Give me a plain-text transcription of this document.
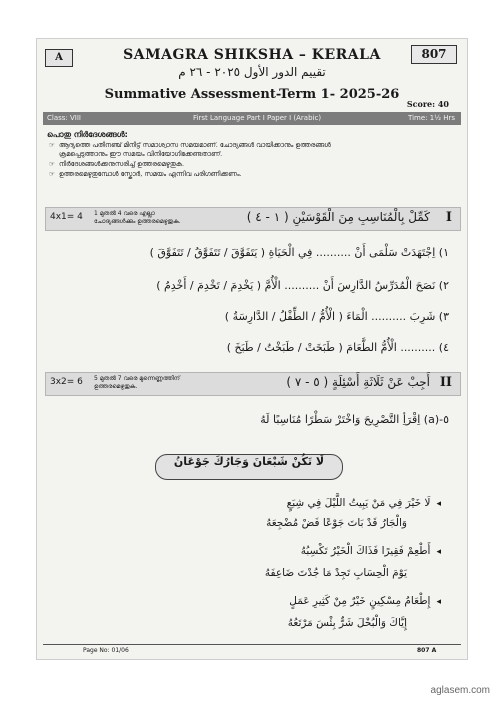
A	807
SAMAGRA SHIKSHA – KERALA
تقييم الدور الأول ٢٠٢٥ - ٢٦ م
Summative Assessment-Term 1- 2025-26
Score: 40
Class: VIII	First Language Part I Paper I (Arabic)	Time: 1½ Hrs
പൊതു നിർദേശങ്ങൾ:
☞ ആദ്യത്തെ പതിനഞ്ച് മിനിട്ട് സമാശ്വാസ സമയമാണ്. ചോദ്യങ്ങൾ വായിക്കാനും ഉത്തരങ്ങൾ
ക്രമപ്പെടുത്താനും ഈ സമയം വിനിയോഗിക്കേണ്ടതാണ്.
☞ നിർദേശങ്ങൾക്കനുസരിച്ച് ഉത്തരമെഴുതുക.
☞ ഉത്തരമെഴുതുമ്പോൾ സ്കോർ, സമയം എന്നിവ പരിഗണിക്കണം.
4x1= 4 1 മുതൽ 4 വരെ എല്ലാ
ചോദ്യങ്ങൾക്കും ഉത്തരമെഴുതുക.	كَمِّلْ بِالْمُنَاسِبِ مِنَ الْقَوْسَيْنِ ( ١ - ٤ ) I
١) اِجْتَهَدَتْ سَلْمَى أَنْ .......... فِي الْحَيَاةِ ( يَتَفَوَّقَ / تَتَفَوَّقُ / تَتَفَوَّقَ )
٢) نَصَحَ الْمُدَرِّسُ الدَّارِسَ أَنْ .......... الْأُمَّ ( يَخْدِمَ / تَخْدِمَ / أَخْدِمُ )
٣) شَرِبَ .......... الْمَاءَ ( الْأُمُّ / الطِّفْلُ / الدَّارِسَةُ )
٤) .......... الْأُمُّ الطَّعَامَ ( طَبَخَتْ / طَبَخْتُ / طَبَخَ )
3x2= 6 5 മുതൽ 7 വരെ മുന്നെണ്ണത്തിന്
ഉത്തരമെഴുതുക.	أَجِبْ عَنْ ثَلَاثَةِ أَسْئِلَةٍ ( ٥ - ٧ ) II
٥-(a) اِقْرَأِ التَّصْرِيحَ وَاخْتَرْ سَطْرًا مُنَاسِبًا لَهُ
لَا تَكُنْ شَبْعَانَ وَجَارُكَ جَوْعَانُ
◂ لَا خَيْرَ فِي مَنْ يَبِيتُ اللَّيْلَ فِي شِبَعٍ
وَالْجَارُ قَدْ بَاتَ جَوْعًا فَضْ مُضْجِعَهُ
◂ أَطْعِمْ فَقِيرًا فَذَاكَ الْخَيْرُ تَكْسِبُهُ
يَوْمَ الْحِسَابِ تَجِدْ مَا جُدْتَ ضَاعِفَهُ
◂ إِطْعَامُ مِسْكِينٍ خَيْرٌ مِنْ كَثِيرِ عَمَلٍ
إِيَّاكَ وَالْبُخْلَ شَرٌّ بِئْسَ مَرْتَعُهُ
Page No: 01/06	807 A
aglasem.com
